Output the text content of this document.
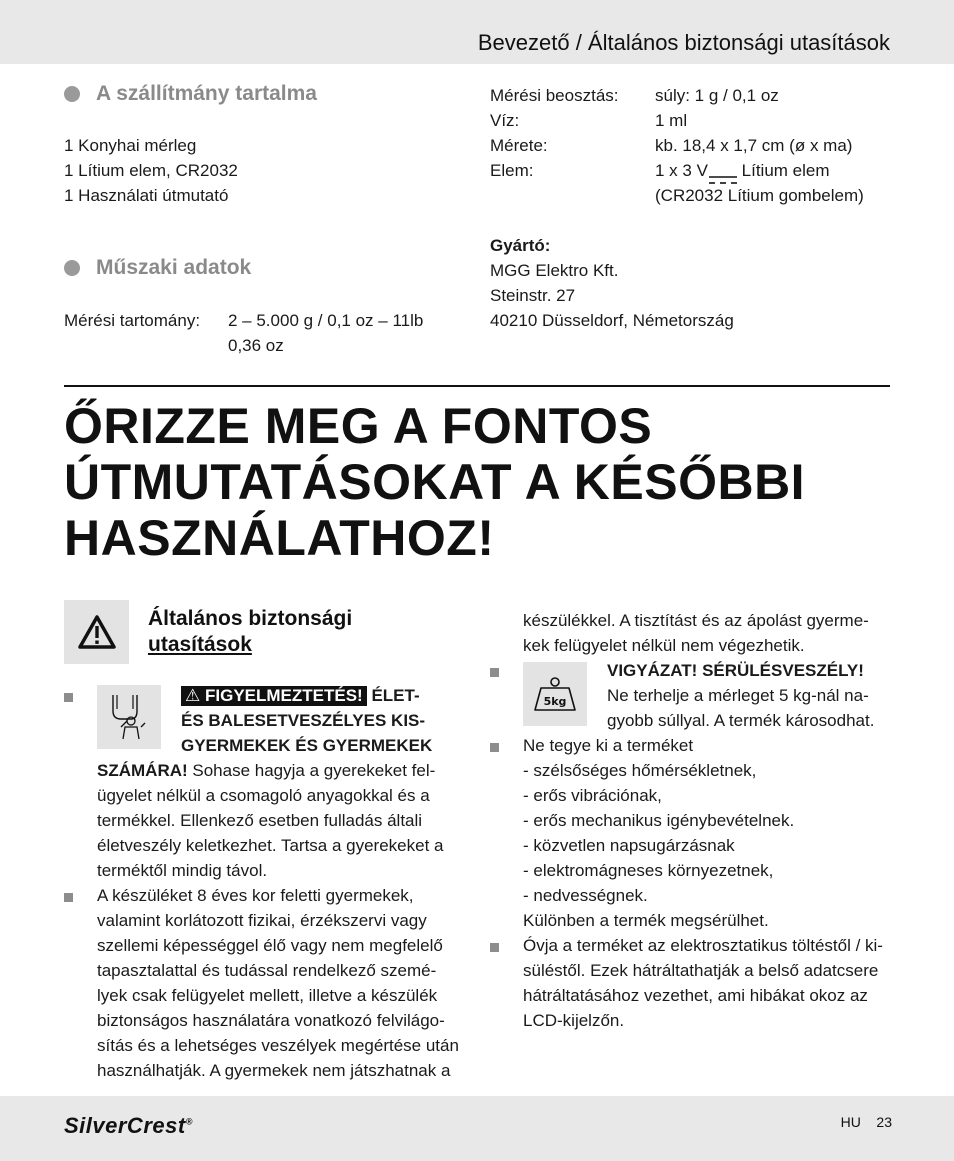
Bevezető / Általános biztonsági utasítások
A szállítmány tartalma
1 Konyhai mérleg
1 Lítium elem, CR2032
1 Használati útmutató
Műszaki adatok
Mérési tartomány: 2 – 5.000 g / 0,1 oz – 11lb
0,36 oz
Mérési beosztás:
Víz:
Mérete:
Elem:
súly: 1 g / 0,1 oz
1 ml
kb. 18,4 x 1,7 cm (ø x ma)
1 x 3 V Lítium elem
(CR2032 Lítium gombelem)
Gyártó:
MGG Elektro Kft.
Steinstr. 27
40210 Düsseldorf, Németország
ŐRIZZE MEG A FONTOS
ÚTMUTATÁSOKAT A KÉSŐBBI
HASZNÁLATHOZ!
Általános biztonsági
utasítások
⚠ FIGYELMEZTETÉS! ÉLET-
ÉS BALESETVESZÉLYES KIS-
GYERMEKEK ÉS GYERMEKEK
SZÁMÁRA! Sohase hagyja a gyerekeket fel-
ügyelet nélkül a csomagoló anyagokkal és a
termékkel. Ellenkező esetben fulladás általi
életveszély keletkezhet. Tartsa a gyerekeket a
terméktől mindig távol.
A készüléket 8 éves kor feletti gyermekek,
valamint korlátozott fizikai, érzékszervi vagy
szellemi képességgel élő vagy nem megfelelő
tapasztalattal és tudással rendelkező szemé-
lyek csak felügyelet mellett, illetve a készülék
biztonságos használatára vonatkozó felvilágo-
sítás és a lehetséges veszélyek megértése után
használhatják. A gyermekek nem játszhatnak a
készülékkel. A tisztítást és az ápolást gyerme-
kek felügyelet nélkül nem végezhetik.
5kg
VIGYÁZAT! SÉRÜLÉSVESZÉLY!
Ne terhelje a mérleget 5 kg-nál na-
gyobb súllyal. A termék károsodhat.
Ne tegye ki a terméket
- szélsőséges hőmérsékletnek,
- erős vibrációnak,
- erős mechanikus igénybevételnek.
- közvetlen napsugárzásnak
- elektromágneses környezetnek,
- nedvességnek.
Különben a termék megsérülhet.
Óvja a terméket az elektrosztatikus töltéstől / ki-
süléstől. Ezek hátráltathatják a belső adatcsere
hátráltatásához vezethet, ami hibákat okoz az
LCD-kijelzőn.
SilverCrest®	HU 23
